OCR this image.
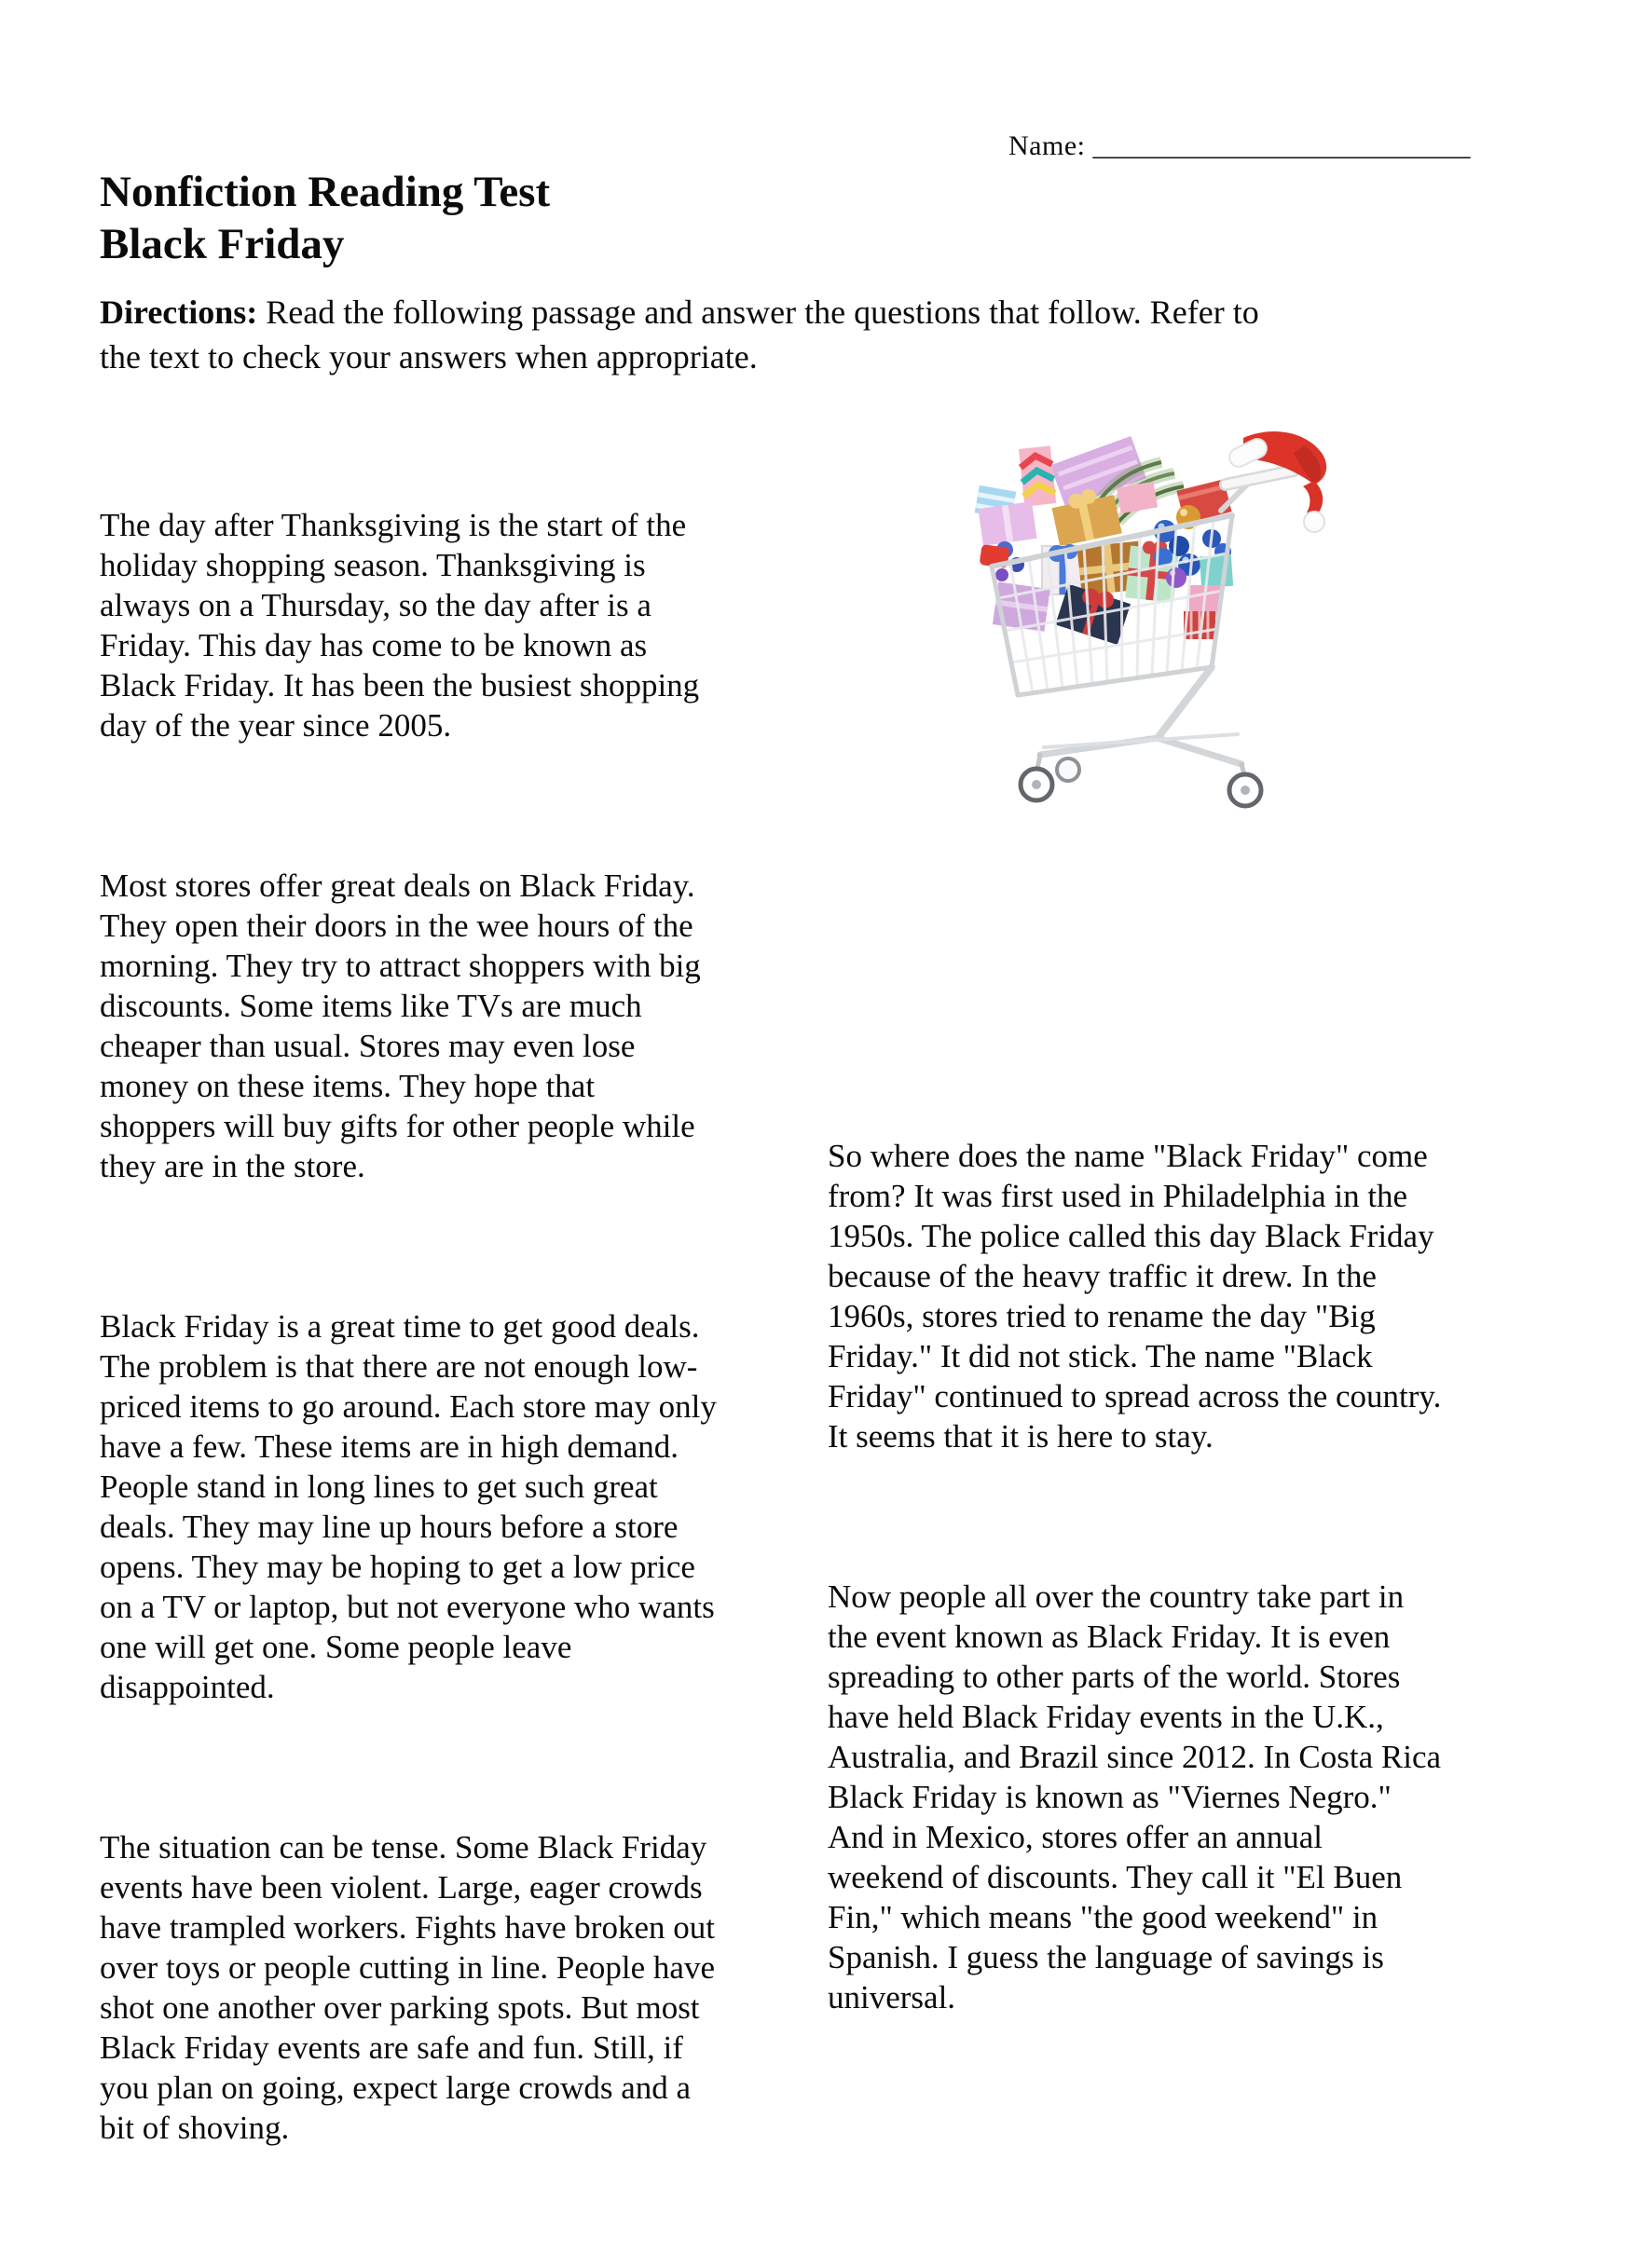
Name: ___________________________
Nonfiction Reading Test
Black Friday

Directions: Read the following passage and answer the questions that follow. Refer to
the text to check your answers when appropriate.

The day after Thanksgiving is the start of the
holiday shopping season. Thanksgiving is
always on a Thursday, so the day after is a
Friday. This day has come to be known as
Black Friday. It has been the busiest shopping
day of the year since 2005.

Most stores offer great deals on Black Friday.
They open their doors in the wee hours of the
morning. They try to attract shoppers with big
discounts. Some items like TVs are much
cheaper than usual. Stores may even lose
money on these items. They hope that
shoppers will buy gifts for other people while
they are in the store.

Black Friday is a great time to get good deals.
The problem is that there are not enough low-
priced items to go around. Each store may only
have a few. These items are in high demand.
People stand in long lines to get such great
deals. They may line up hours before a store
opens. They may be hoping to get a low price
on a TV or laptop, but not everyone who wants
one will get one. Some people leave
disappointed.

The situation can be tense. Some Black Friday
events have been violent. Large, eager crowds
have trampled workers. Fights have broken out
over toys or people cutting in line. People have
shot one another over parking spots. But most
Black Friday events are safe and fun. Still, if
you plan on going, expect large crowds and a
bit of shoving.

So where does the name "Black Friday" come
from? It was first used in Philadelphia in the
1950s. The police called this day Black Friday
because of the heavy traffic it drew. In the
1960s, stores tried to rename the day "Big
Friday." It did not stick. The name "Black
Friday" continued to spread across the country.
It seems that it is here to stay.

Now people all over the country take part in
the event known as Black Friday. It is even
spreading to other parts of the world. Stores
have held Black Friday events in the U.K.,
Australia, and Brazil since 2012. In Costa Rica
Black Friday is known as "Viernes Negro."
And in Mexico, stores offer an annual
weekend of discounts. They call it "El Buen
Fin," which means "the good weekend" in
Spanish. I guess the language of savings is
universal.
